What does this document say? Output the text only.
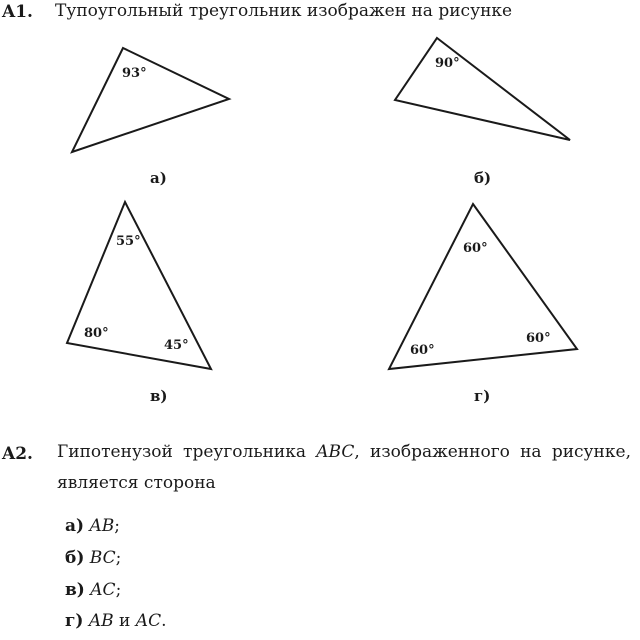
A1. Тупоугольный треугольник изображен на рисунке
93°
90°
55°
80°
45°
60°
60°
60°
а)	б)
в)	г)
A2. Гипотенузой треугольника ABC, изображенного на рисунке, является сторона
а) AB;
б) BC;
в) AC;
г) AB и AC.
